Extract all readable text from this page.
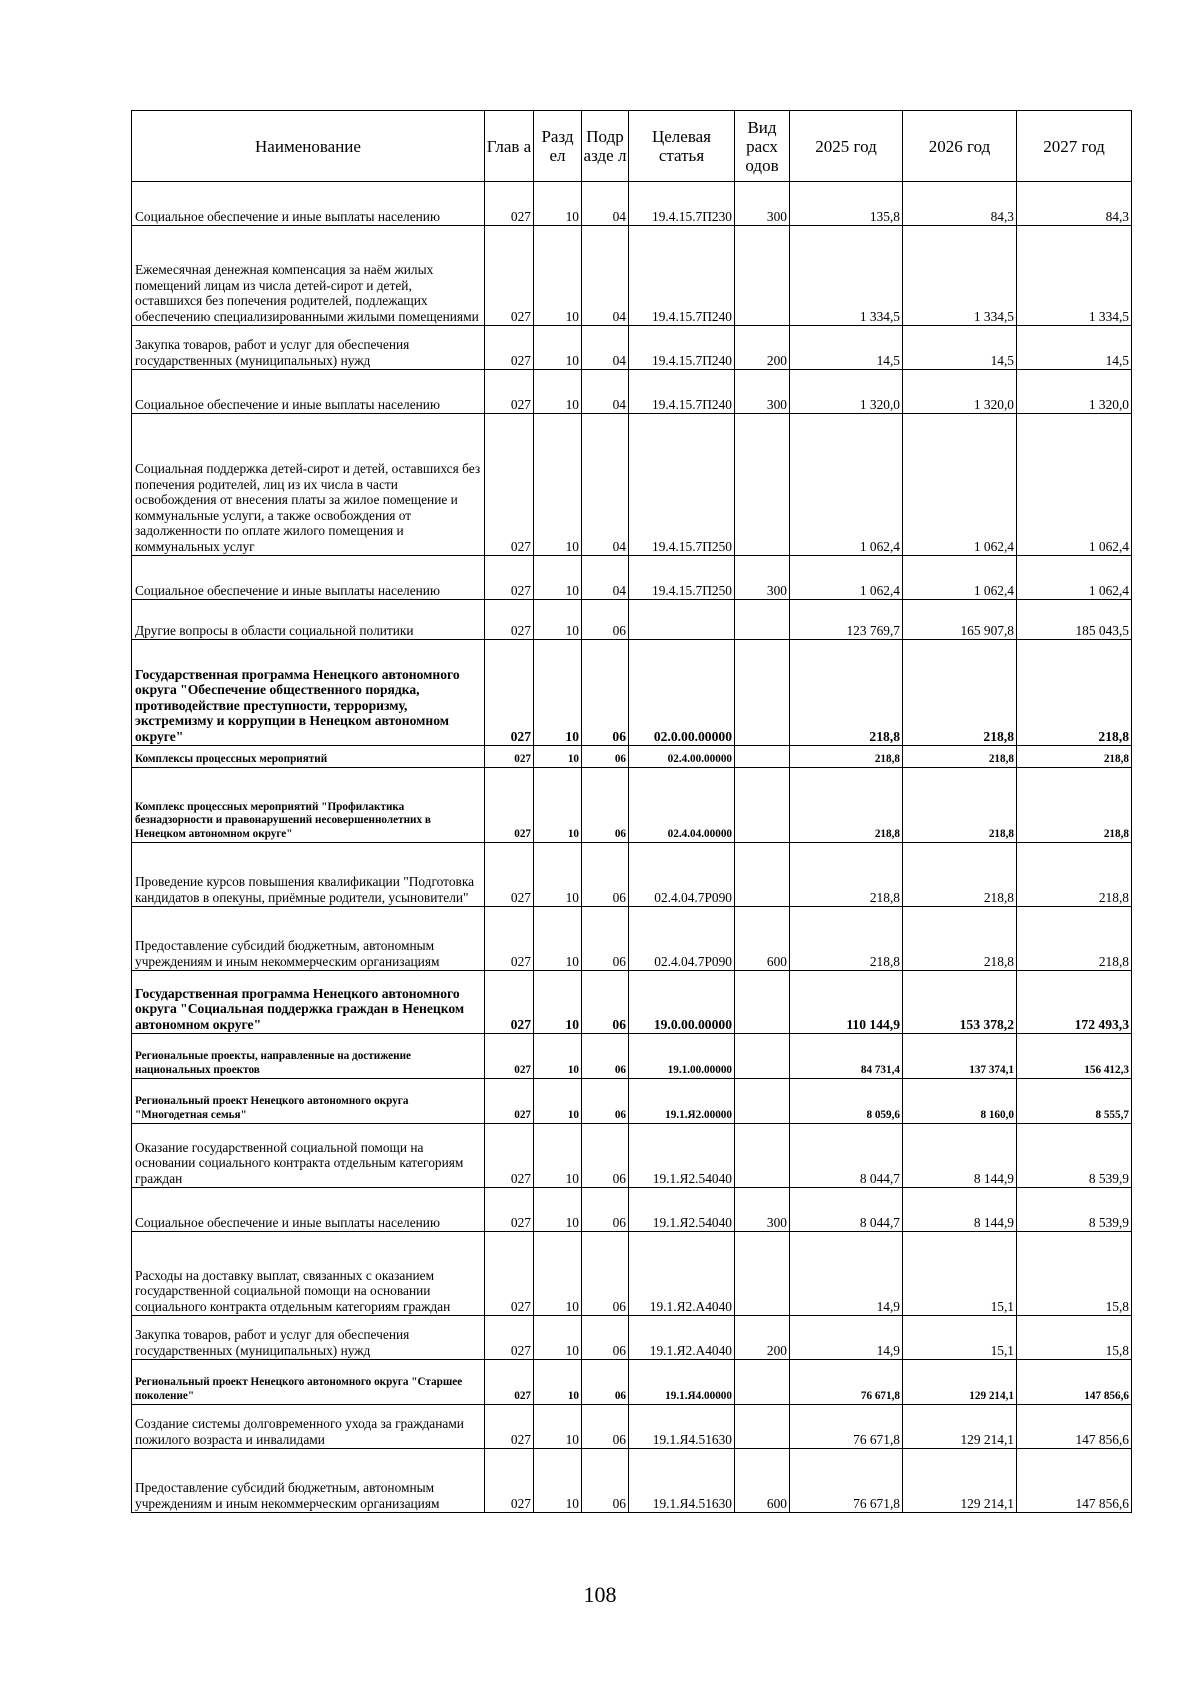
Наименование	Глав а	Разд ел	Подр азде л	Целевая статья	Вид расх одов	2025 год	2026 год	2027 год
Социальное обеспечение и иные выплаты населению	027	10	04	19.4.15.7П230	300	135,8	84,3	84,3
Ежемесячная денежная компенсация за наём жилых помещений лицам из числа детей-сирот и детей, оставшихся без попечения родителей, подлежащих обеспечению специализированными жилыми помещениями	027	10	04	19.4.15.7П240		1 334,5	1 334,5	1 334,5
Закупка товаров, работ и услуг для обеспечения государственных (муниципальных) нужд	027	10	04	19.4.15.7П240	200	14,5	14,5	14,5
Социальное обеспечение и иные выплаты населению	027	10	04	19.4.15.7П240	300	1 320,0	1 320,0	1 320,0
Социальная поддержка детей-сирот и детей, оставшихся без попечения родителей, лиц из их числа в части освобождения от внесения платы за жилое помещение и коммунальные услуги, а также освобождения от задолженности по оплате жилого помещения и коммунальных услуг	027	10	04	19.4.15.7П250		1 062,4	1 062,4	1 062,4
Социальное обеспечение и иные выплаты населению	027	10	04	19.4.15.7П250	300	1 062,4	1 062,4	1 062,4
Другие вопросы в области социальной политики	027	10	06			123 769,7	165 907,8	185 043,5
Государственная программа Ненецкого автономного округа "Обеспечение общественного порядка, противодействие преступности, терроризму, экстремизму и коррупции в Ненецком автономном округе"	027	10	06	02.0.00.00000		218,8	218,8	218,8
Комплексы процессных мероприятий	027	10	06	02.4.00.00000		218,8	218,8	218,8
Комплекс процессных мероприятий "Профилактика безнадзорности и правонарушений несовершеннолетних в Ненецком автономном округе"	027	10	06	02.4.04.00000		218,8	218,8	218,8
Проведение курсов повышения квалификации "Подготовка кандидатов в опекуны, приёмные родители, усыновители"	027	10	06	02.4.04.7Р090		218,8	218,8	218,8
Предоставление субсидий бюджетным, автономным учреждениям и иным некоммерческим организациям	027	10	06	02.4.04.7Р090	600	218,8	218,8	218,8
Государственная программа Ненецкого автономного округа "Социальная поддержка граждан в Ненецком автономном округе"	027	10	06	19.0.00.00000		110 144,9	153 378,2	172 493,3
Региональные проекты, направленные на достижение национальных проектов	027	10	06	19.1.00.00000		84 731,4	137 374,1	156 412,3
Региональный проект Ненецкого автономного округа "Многодетная семья"	027	10	06	19.1.Я2.00000		8 059,6	8 160,0	8 555,7
Оказание государственной социальной помощи на основании социального контракта отдельным категориям граждан	027	10	06	19.1.Я2.54040		8 044,7	8 144,9	8 539,9
Социальное обеспечение и иные выплаты населению	027	10	06	19.1.Я2.54040	300	8 044,7	8 144,9	8 539,9
Расходы на доставку выплат, связанных с оказанием государственной социальной помощи на основании социального контракта отдельным категориям граждан	027	10	06	19.1.Я2.А4040		14,9	15,1	15,8
Закупка товаров, работ и услуг для обеспечения государственных (муниципальных) нужд	027	10	06	19.1.Я2.А4040	200	14,9	15,1	15,8
Региональный проект Ненецкого автономного округа "Старшее поколение"	027	10	06	19.1.Я4.00000		76 671,8	129 214,1	147 856,6
Создание системы долговременного ухода за гражданами пожилого возраста и инвалидами	027	10	06	19.1.Я4.51630		76 671,8	129 214,1	147 856,6
Предоставление субсидий бюджетным, автономным учреждениям и иным некоммерческим организациям	027	10	06	19.1.Я4.51630	600	76 671,8	129 214,1	147 856,6
108
